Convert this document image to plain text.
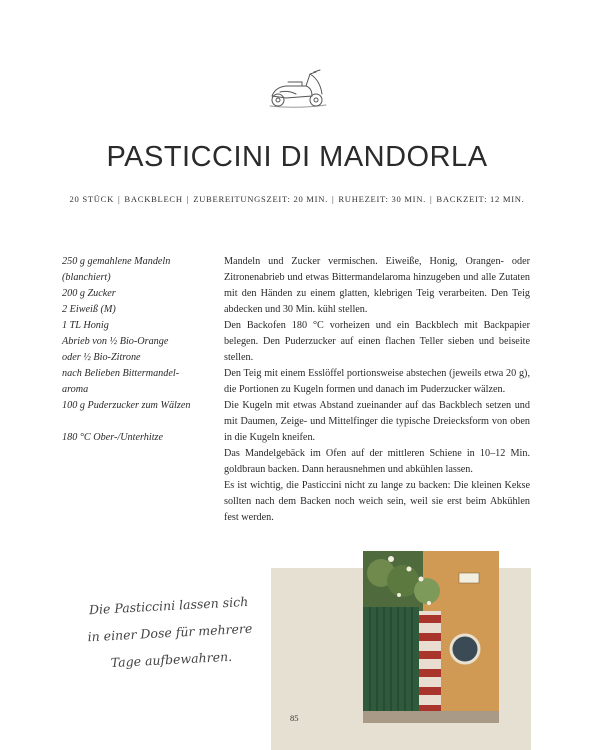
PASTICCINI DI MANDORLA
20 STÜCK | BACKBLECH | ZUBEREITUNGSZEIT: 20 MIN. | RUHEZEIT: 30 MIN. | BACKZEIT: 12 MIN.
250 g gemahlene Mandeln
(blanchiert)
200 g Zucker
2 Eiweiß (M)
1 TL Honig
Abrieb von ½ Bio-Orange
oder ½ Bio-Zitrone
nach Belieben Bittermandel-
aroma
100 g Puderzucker zum Wälzen
180 °C Ober-/Unterhitze

Mandeln und Zucker vermischen. Eiweiße, Honig, Orangen- oder Zitronenabrieb und etwas Bittermandelaroma hinzugeben und alle Zutaten mit den Händen zu einem glatten, klebrigen Teig verarbeiten. Den Teig abdecken und 30 Min. kühl stellen.

Den Backofen 180 °C vorheizen und ein Backblech mit Backpapier belegen. Den Puderzucker auf einen flachen Teller sieben und beiseite stellen.

Den Teig mit einem Esslöffel portionsweise abstechen (jeweils etwa 20 g), die Portionen zu Kugeln formen und danach im Puderzucker wälzen.

Die Kugeln mit etwas Abstand zueinander auf das Backblech setzen und mit Daumen, Zeige- und Mittelfinger die typische Dreiecksform von oben in die Kugeln kneifen.

Das Mandelgebäck im Ofen auf der mittleren Schiene in 10–12 Min. goldbraun backen. Dann herausnehmen und abkühlen lassen.

Es ist wichtig, die Pasticcini nicht zu lange zu backen: Die kleinen Kekse sollten nach dem Backen noch weich sein, weil sie erst beim Abkühlen fest werden.

Die Pasticcini lassen sich
in einer Dose für mehrere
Tage aufbewahren.
85
